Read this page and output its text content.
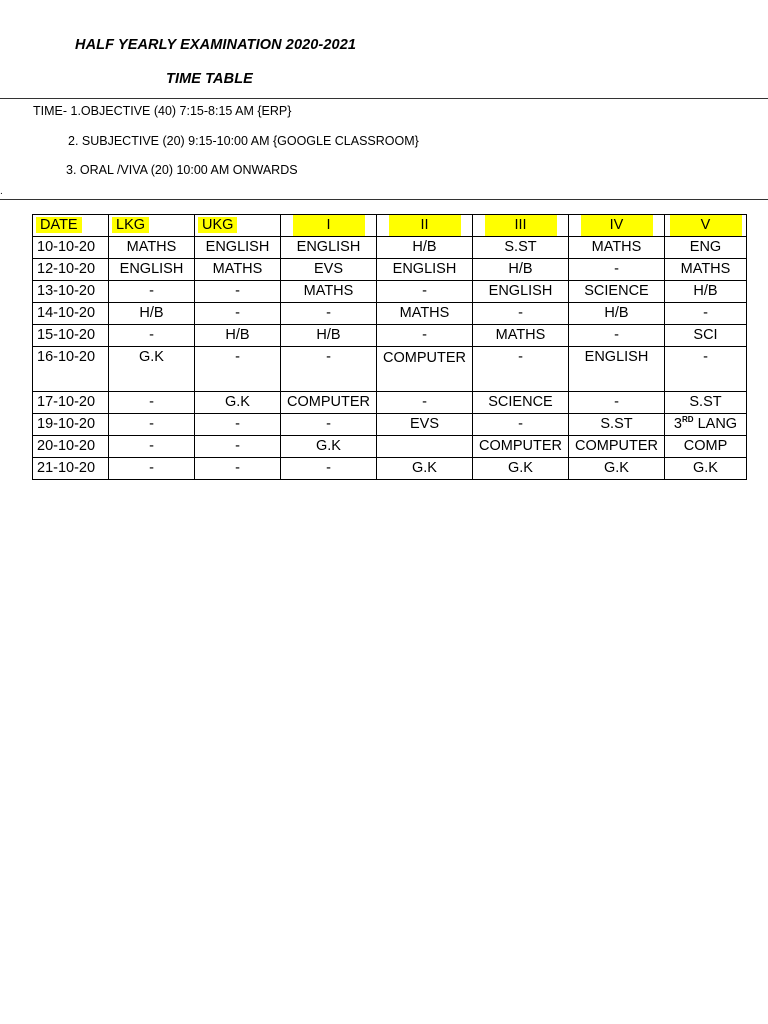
HALF YEARLY EXAMINATION 2020-2021
TIME TABLE
TIME- 1.OBJECTIVE (40) 7:15-8:15 AM {ERP}
2. SUBJECTIVE (20) 9:15-10:00 AM {GOOGLE CLASSROOM}
3. ORAL /VIVA (20) 10:00 AM ONWARDS
.
DATE	LKG	UKG	I	II	III	IV	V
10-10-20	MATHS	ENGLISH	ENGLISH	H/B	S.ST	MATHS	ENG
12-10-20	ENGLISH	MATHS	EVS	ENGLISH	H/B	-	MATHS
13-10-20	-	-	MATHS	-	ENGLISH	SCIENCE	H/B
14-10-20	H/B	-	-	MATHS	-	H/B	-
15-10-20	-	H/B	H/B	-	MATHS	-	SCI
16-10-20	G.K	-	-	COMPUTER	-	ENGLISH	-
17-10-20	-	G.K	COMPUTER	-	SCIENCE	-	S.ST
19-10-20	-	-	-	EVS	-	S.ST	3RD LANG
20-10-20	-	-	G.K		COMPUTER	COMPUTER	COMP
21-10-20	-	-	-	G.K	G.K	G.K	G.K
